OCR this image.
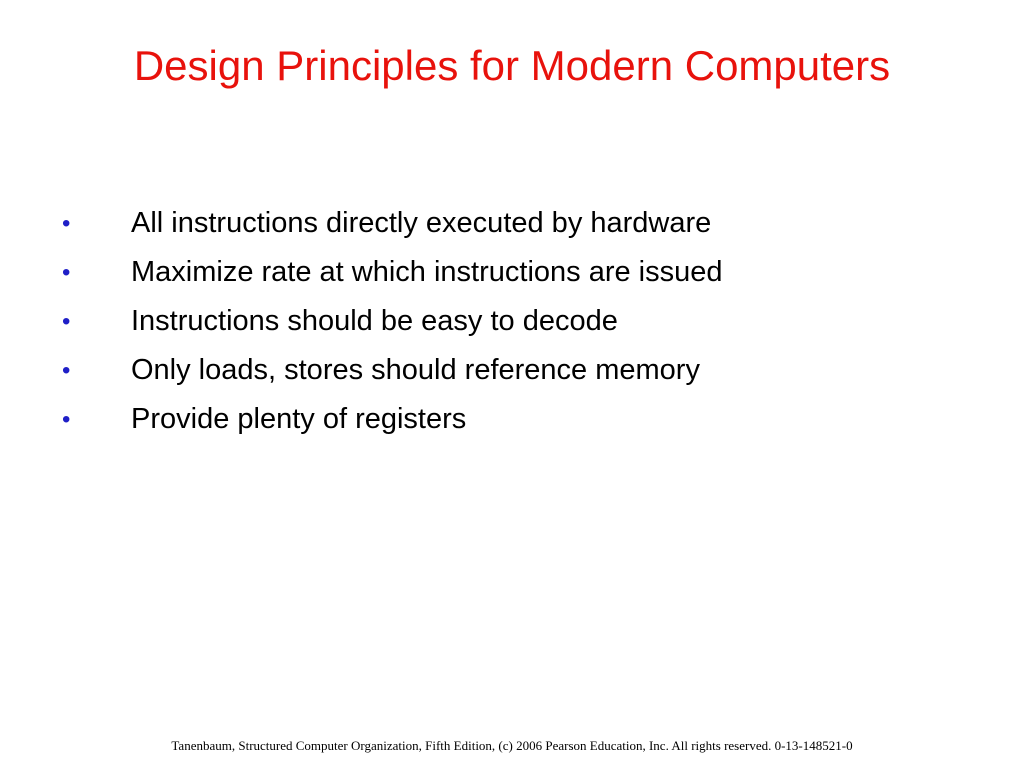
Design Principles for Modern Computers
•	All instructions directly executed by hardware
•	Maximize rate at which instructions are issued
•	Instructions should be easy to decode
•	Only loads, stores should reference memory
•	Provide plenty of registers
Tanenbaum, Structured Computer Organization, Fifth Edition, (c) 2006 Pearson Education, Inc. All rights reserved. 0-13-148521-0
